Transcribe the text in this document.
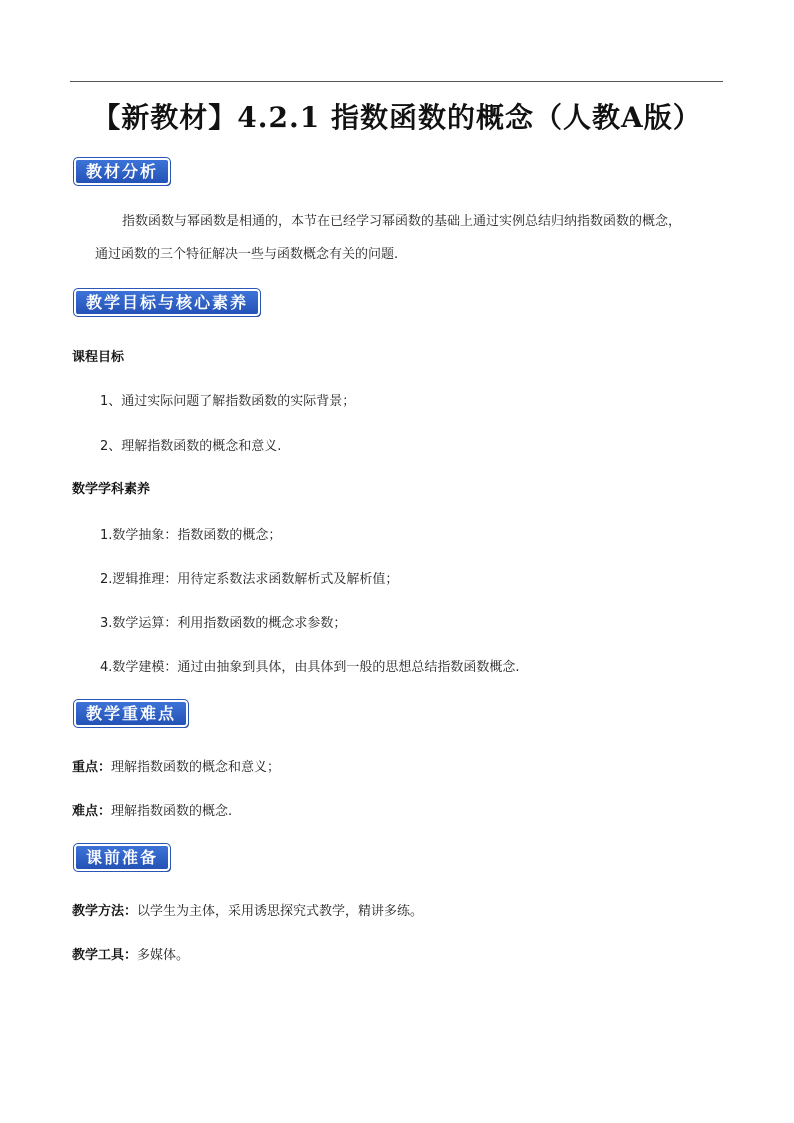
【新教材】4.2.1 指数函数的概念（人教A版）
教材分析
指数函数与幂函数是相通的，本节在已经学习幂函数的基础上通过实例总结归纳指数函数的概念，
通过函数的三个特征解决一些与函数概念有关的问题.
教学目标与核心素养
课程目标
1、通过实际问题了解指数函数的实际背景；
2、理解指数函数的概念和意义.
数学学科素养
1.数学抽象：指数函数的概念；
2.逻辑推理：用待定系数法求函数解析式及解析值；
3.数学运算：利用指数函数的概念求参数；
4.数学建模：通过由抽象到具体，由具体到一般的思想总结指数函数概念.
教学重难点
重点：理解指数函数的概念和意义；
难点：理解指数函数的概念.
课前准备
教学方法：以学生为主体，采用诱思探究式教学，精讲多练。
教学工具：多媒体。
